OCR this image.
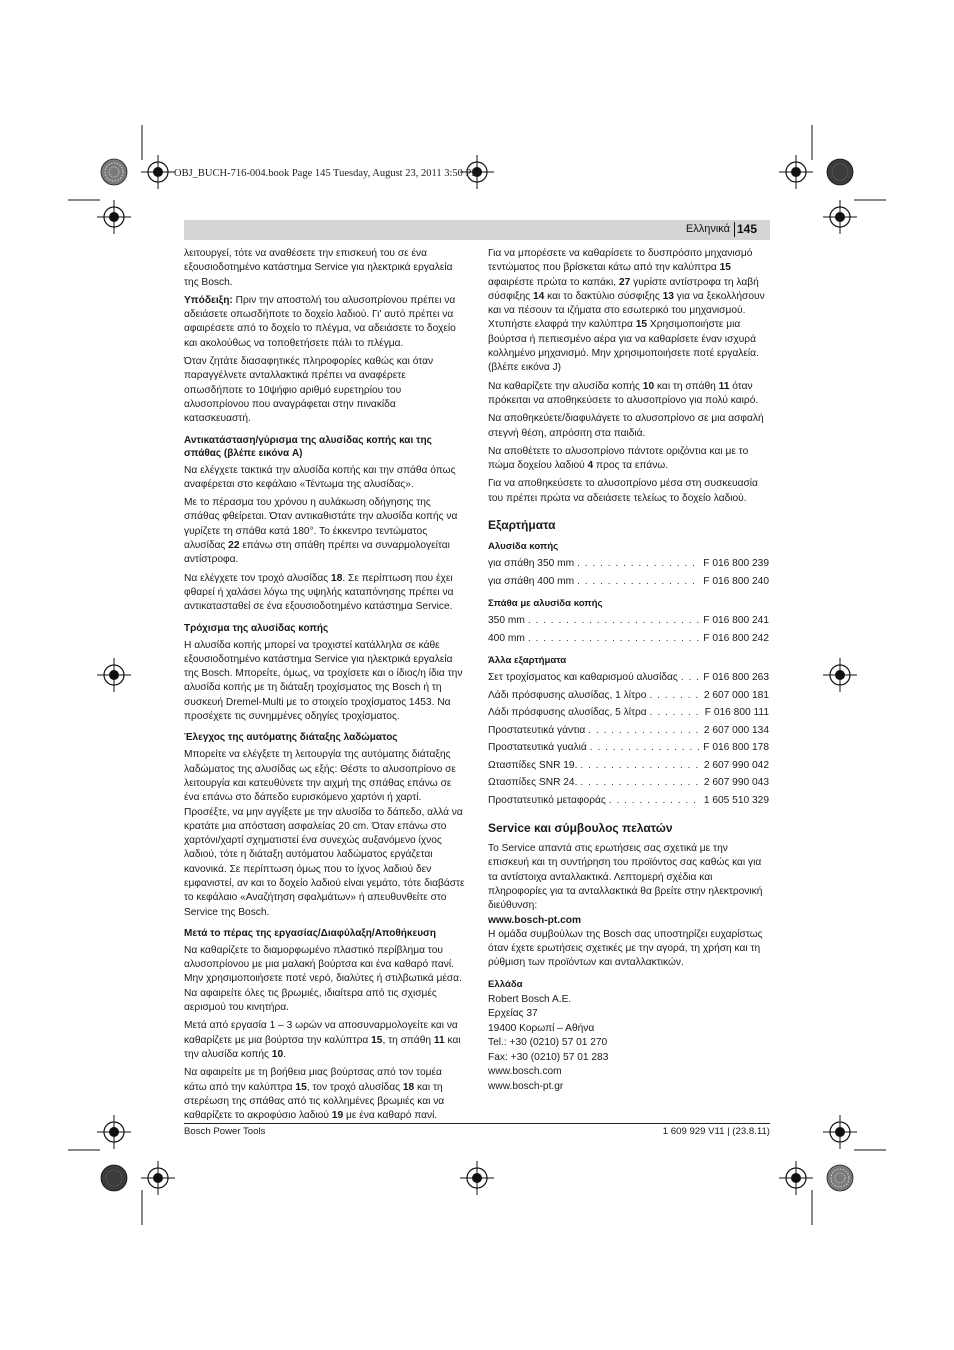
OBJ_BUCH-716-004.book Page 145 Tuesday, August 23, 2011 3:50 PM
Ελληνικά 145

λειτουργεί, τότε να αναθέσετε την επισκευή του σε ένα εξουσιοδοτημένο κατάστημα Service για ηλεκτρικά εργαλεία της Bosch.

Υπόδειξη: Πριν την αποστολή του αλυσοπρίονου πρέπει να αδειάσετε οπωσδήποτε το δοχείο λαδιού. Γι' αυτό πρέπει να αφαιρέσετε από το δοχείο το πλέγμα, να αδειάσετε το δοχείο και ακολούθως να τοποθετήσετε πάλι το πλέγμα.

Όταν ζητάτε διασαφητικές πληροφορίες καθώς και όταν παραγγέλνετε ανταλλακτικά πρέπει να αναφέρετε οπωσδήποτε το 10ψήφιο αριθμό ευρετηρίου του αλυσοπρίονου που αναγράφεται στην πινακίδα κατασκευαστή.

Αντικατάσταση/γύρισμα της αλυσίδας κοπής και της σπάθας (βλέπε εικόνα A)

Να ελέγχετε τακτικά την αλυσίδα κοπής και την σπάθα όπως αναφέρεται στο κεφάλαιο «Τέντωμα της αλυσίδας».

Με το πέρασμα του χρόνου η αυλάκωση οδήγησης της σπάθας φθείρεται. Όταν αντικαθιστάτε την αλυσίδα κοπής να γυρίζετε τη σπάθα κατά 180°. Το έκκεντρο τεντώματος αλυσίδας 22 επάνω στη σπάθη πρέπει να συναρμολογείται αντίστροφα.

Να ελέγχετε τον τροχό αλυσίδας 18. Σε περίπτωση που έχει φθαρεί ή χαλάσει λόγω της υψηλής καταπόνησης πρέπει να αντικατασταθεί σε ένα εξουσιοδοτημένο κατάστημα Service.

Τρόχισμα της αλυσίδας κοπής

Η αλυσίδα κοπής μπορεί να τροχιστεί κατάλληλα σε κάθε εξουσιοδοτημένο κατάστημα Service για ηλεκτρικά εργαλεία της Bosch. Μπορείτε, όμως, να τροχίσετε και ο ίδιος/η ίδια την αλυσίδα κοπής με τη διάταξη τροχίσματος της Bosch ή τη συσκευή Dremel-Multi με το στοιχείο τροχίσματος 1453. Να προσέχετε τις συνημμένες οδηγίες τροχίσματος.

Έλεγχος της αυτόματης διάταξης λαδώματος

Μπορείτε να ελέγξετε τη λειτουργία της αυτόματης διάταξης λαδώματος της αλυσίδας ως εξής: Θέστε το αλυσοπρίονο σε λειτουργία και κατευθύνετε την αιχμή της σπάθας επάνω σε ένα επάνω στο δάπεδο ευρισκόμενο χαρτόνι ή χαρτί. Προσέξτε, να μην αγγίξετε με την αλυσίδα το δάπεδο, αλλά να κρατάτε μια απόσταση ασφαλείας 20 cm. Όταν επάνω στο χαρτόνι/χαρτί σχηματιστεί ένα συνεχώς αυξανόμενο ίχνος λαδιού, τότε η διάταξη αυτόματου λαδώματος εργάζεται κανονικά. Σε περίπτωση όμως που το ίχνος λαδιού δεν εμφανιστεί, αν και το δοχείο λαδιού είναι γεμάτο, τότε διαβάστε το κεφάλαιο «Αναζήτηση σφαλμάτων» ή απευθυνθείτε στο Service της Bosch.

Μετά το πέρας της εργασίας/Διαφύλαξη/Αποθήκευση

Να καθαρίζετε το διαμορφωμένο πλαστικό περίβλημα του αλυσοπρίονου με μια μαλακή βούρτσα και ένα καθαρό πανί. Μην χρησιμοποιήσετε ποτέ νερό, διαλύτες ή στιλβωτικά μέσα. Να αφαιρείτε όλες τις βρωμιές, ιδιαίτερα από τις σχισμές αερισμού του κινητήρα.

Μετά από εργασία 1 – 3 ωρών να αποσυναρμολογείτε και να καθαρίζετε με μια βούρτσα την καλύπτρα 15, τη σπάθη 11 και την αλυσίδα κοπής 10.

Να αφαιρείτε με τη βοήθεια μιας βούρτσας από τον τομέα κάτω από την καλύπτρα 15, τον τροχό αλυσίδας 18 και τη στερέωση της σπάθας από τις κολλημένες βρωμιές και να καθαρίζετε το ακροφύσιο λαδιού 19 με ένα καθαρό πανί.

Για να μπορέσετε να καθαρίσετε το δυσπρόσιτο μηχανισμό τεντώματος που βρίσκεται κάτω από την καλύπτρα 15 αφαιρέστε πρώτα το καπάκι, 27 γυρίστε αντίστροφα τη λαβή σύσφιξης 14 και το δακτύλιο σύσφιξης 13 για να ξεκολλήσουν και να πέσουν τα ιζήματα στο εσωτερικό του μηχανισμού. Χτυπήστε ελαφρά την καλύπτρα 15 Χρησιμοποιήστε μια βούρτσα ή πεπιεσμένο αέρα για να καθαρίσετε έναν ισχυρά κολλημένο μηχανισμό. Μην χρησιμοποιήσετε ποτέ εργαλεία. (βλέπε εικόνα J)

Να καθαρίζετε την αλυσίδα κοπής 10 και τη σπάθη 11 όταν πρόκειται να αποθηκεύσετε το αλυσοπρίονο για πολύ καιρό.

Να αποθηκεύετε/διαφυλάγετε το αλυσοπρίονο σε μια ασφαλή στεγνή θέση, απρόσιτη στα παιδιά.

Να αποθέτετε το αλυσοπρίονο πάντοτε οριζόντια και με το πώμα δοχείου λαδιού 4 προς τα επάνω.

Για να αποθηκεύσετε το αλυσοπρίονο μέσα στη συσκευασία του πρέπει πρώτα να αδειάσετε τελείως το δοχείο λαδιού.

Εξαρτήματα
Αλυσίδα κοπής
για σπάθη 350 mm . . .	F 016 800 239
για σπάθη 400 mm . . .	F 016 800 240
Σπάθα με αλυσίδα κοπής
350 mm . . .	F 016 800 241
400 mm . . .	F 016 800 242
Άλλα εξαρτήματα
Σετ τροχίσματος και καθαρισμού αλυσίδας . . . F 016 800 263
Λάδι πρόσφυσης αλυσίδας, 1 λίτρο . . .	2 607 000 181
Λάδι πρόσφυσης αλυσίδας, 5 λίτρα . . .	F 016 800 111
Προστατευτικά γάντια . . .	2 607 000 134
Προστατευτικά γυαλιά . . .	F 016 800 178
Ωτασπίδες SNR 19. . . .	2 607 990 042
Ωτασπίδες SNR 24. . . .	2 607 990 043
Προστατευτικό μεταφοράς . . .	1 605 510 329
Service και σύμβουλος πελατών

Το Service απαντά στις ερωτήσεις σας σχετικά με την επισκευή και τη συντήρηση του προϊόντος σας καθώς και για τα αντίστοιχα ανταλλακτικά. Λεπτομερή σχέδια και πληροφορίες για τα ανταλλακτικά θα βρείτε στην ηλεκτρονική διεύθυνση:
www.bosch-pt.com

Η ομάδα συμβούλων της Bosch σας υποστηρίζει ευχαρίστως όταν έχετε ερωτήσεις σχετικές με την αγορά, τη χρήση και τη ρύθμιση των προϊόντων και ανταλλακτικών.

Ελλάδα

Robert Bosch A.E.

Ερχείας 37

19400 Κορωπί – Αθήνα

Tel.: +30 (0210) 57 01 270

Fax: +30 (0210) 57 01 283

www.bosch.com

www.bosch-pt.gr

Bosch Power Tools	1 609 929 V11 | (23.8.11)
